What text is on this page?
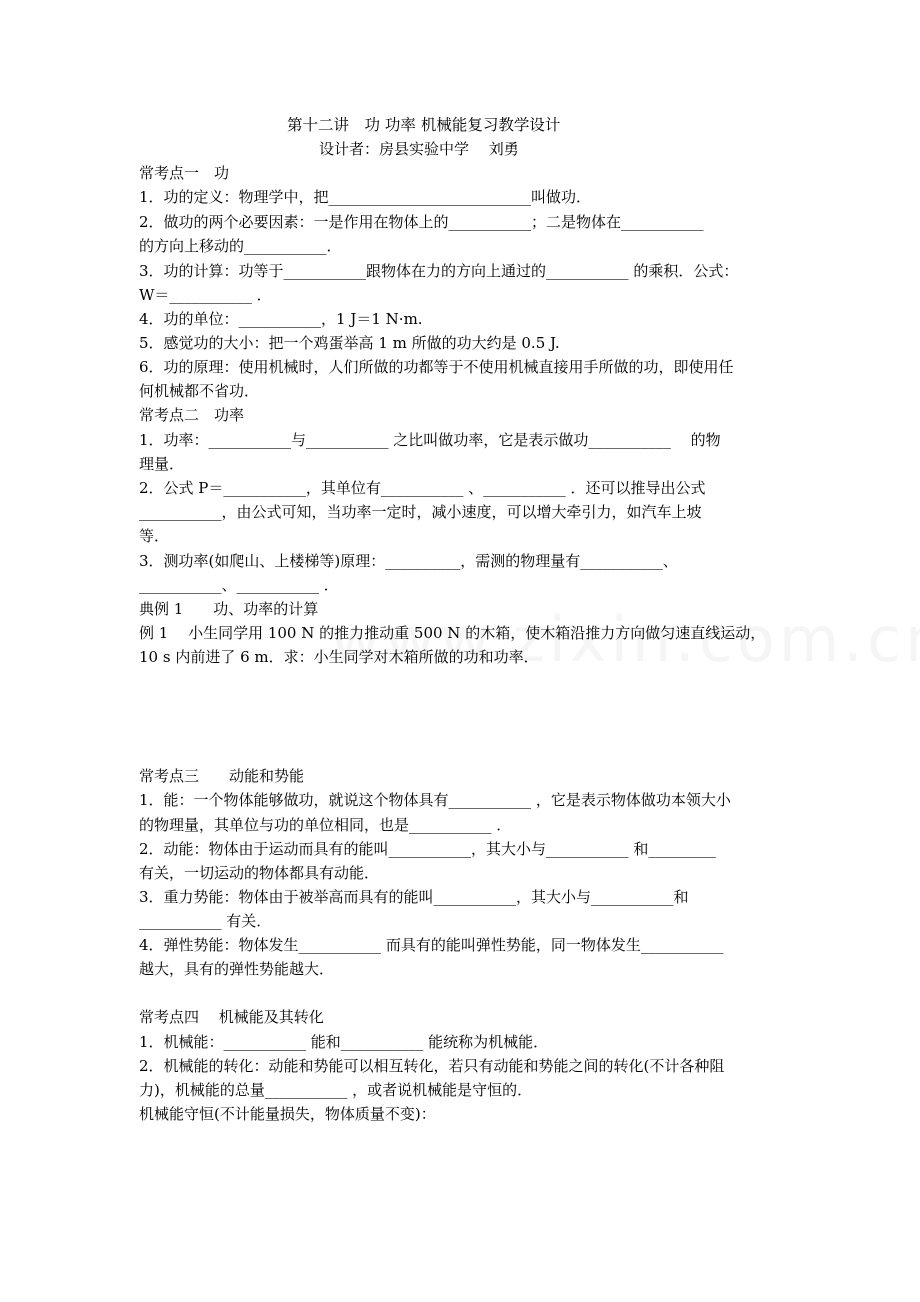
第十二讲　功 功率 机械能复习教学设计

设计者：房县实验中学　 刘勇

常考点一　功

1．功的定义：物理学中，把___________________________叫做功．

2．做功的两个必要因素：一是作用在物体上的___________；二是物体在___________

的方向上移动的___________．

3．功的计算：功等于___________跟物体在力的方向上通过的___________ 的乘积．公式：

W＝___________ ．

4．功的单位：___________，1 J＝1 N·m.

5．感觉功的大小：把一个鸡蛋举高 1 m 所做的功大约是 0.5 J.

6．功的原理：使用机械时，人们所做的功都等于不使用机械直接用手所做的功，即使用任

何机械都不省功．

常考点二　功率

1．功率：___________与___________ 之比叫做功率，它是表示做功___________ 　的物

理量．

2．公式 P＝___________，其单位有___________ 、___________ ．还可以推导出公式

___________，由公式可知，当功率一定时，减小速度，可以增大牵引力，如汽车上坡

等．

3．测功率(如爬山、上楼梯等)原理：__________，需测的物理量有___________、

___________、___________ ．

典例 1　　功、功率的计算

例 1　 小生同学用 100 N 的推力推动重 500 N 的木箱，使木箱沿推力方向做匀速直线运动，

10 s 内前进了 6 m．求：小生同学对木箱所做的功和功率．

常考点三　　动能和势能

1．能：一个物体能够做功，就说这个物体具有___________ ，它是表示物体做功本领大小

的物理量，其单位与功的单位相同，也是___________ ．

2．动能：物体由于运动而具有的能叫___________，其大小与___________ 和_________

有关，一切运动的物体都具有动能．

3．重力势能：物体由于被举高而具有的能叫___________，其大小与___________和

___________ 有关．

4．弹性势能：物体发生___________ 而具有的能叫弹性势能，同一物体发生___________

越大，具有的弹性势能越大．

常考点四　 机械能及其转化

1．机械能：___________ 能和___________ 能统称为机械能．

2．机械能的转化：动能和势能可以相互转化，若只有动能和势能之间的转化(不计各种阻

力)，机械能的总量___________ ，或者说机械能是守恒的．

机械能守恒(不计能量损失，物体质量不变)：
